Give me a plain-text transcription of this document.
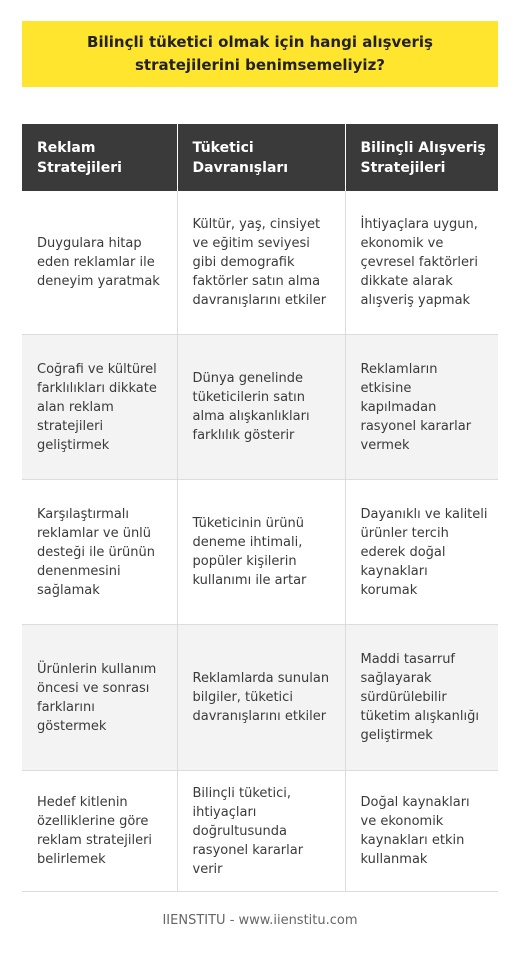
Bilinçli tüketici olmak için hangi alışveriş stratejilerini benimsemeliyiz?
Reklam Stratejileri	Tüketici Davranışları	Bilinçli Alışveriş Stratejileri
Duygulara hitap eden reklamlar ile deneyim yaratmak	Kültür, yaş, cinsiyet ve eğitim seviyesi gibi demografik faktörler satın alma davranışlarını etkiler	İhtiyaçlara uygun, ekonomik ve çevresel faktörleri dikkate alarak alışveriş yapmak
Coğrafi ve kültürel farklılıkları dikkate alan reklam stratejileri geliştirmek	Dünya genelinde tüketicilerin satın alma alışkanlıkları farklılık gösterir	Reklamların etkisine kapılmadan rasyonel kararlar vermek
Karşılaştırmalı reklamlar ve ünlü desteği ile ürünün denenmesini sağlamak	Tüketicinin ürünü deneme ihtimali, popüler kişilerin kullanımı ile artar	Dayanıklı ve kaliteli ürünler tercih ederek doğal kaynakları korumak
Ürünlerin kullanım öncesi ve sonrası farklarını göstermek	Reklamlarda sunulan bilgiler, tüketici davranışlarını etkiler	Maddi tasarruf sağlayarak sürdürülebilir tüketim alışkanlığı geliştirmek
Hedef kitlenin özelliklerine göre reklam stratejileri belirlemek	Bilinçli tüketici, ihtiyaçları doğrultusunda rasyonel kararlar verir	Doğal kaynakları ve ekonomik kaynakları etkin kullanmak
IIENSTITU - www.iienstitu.com
